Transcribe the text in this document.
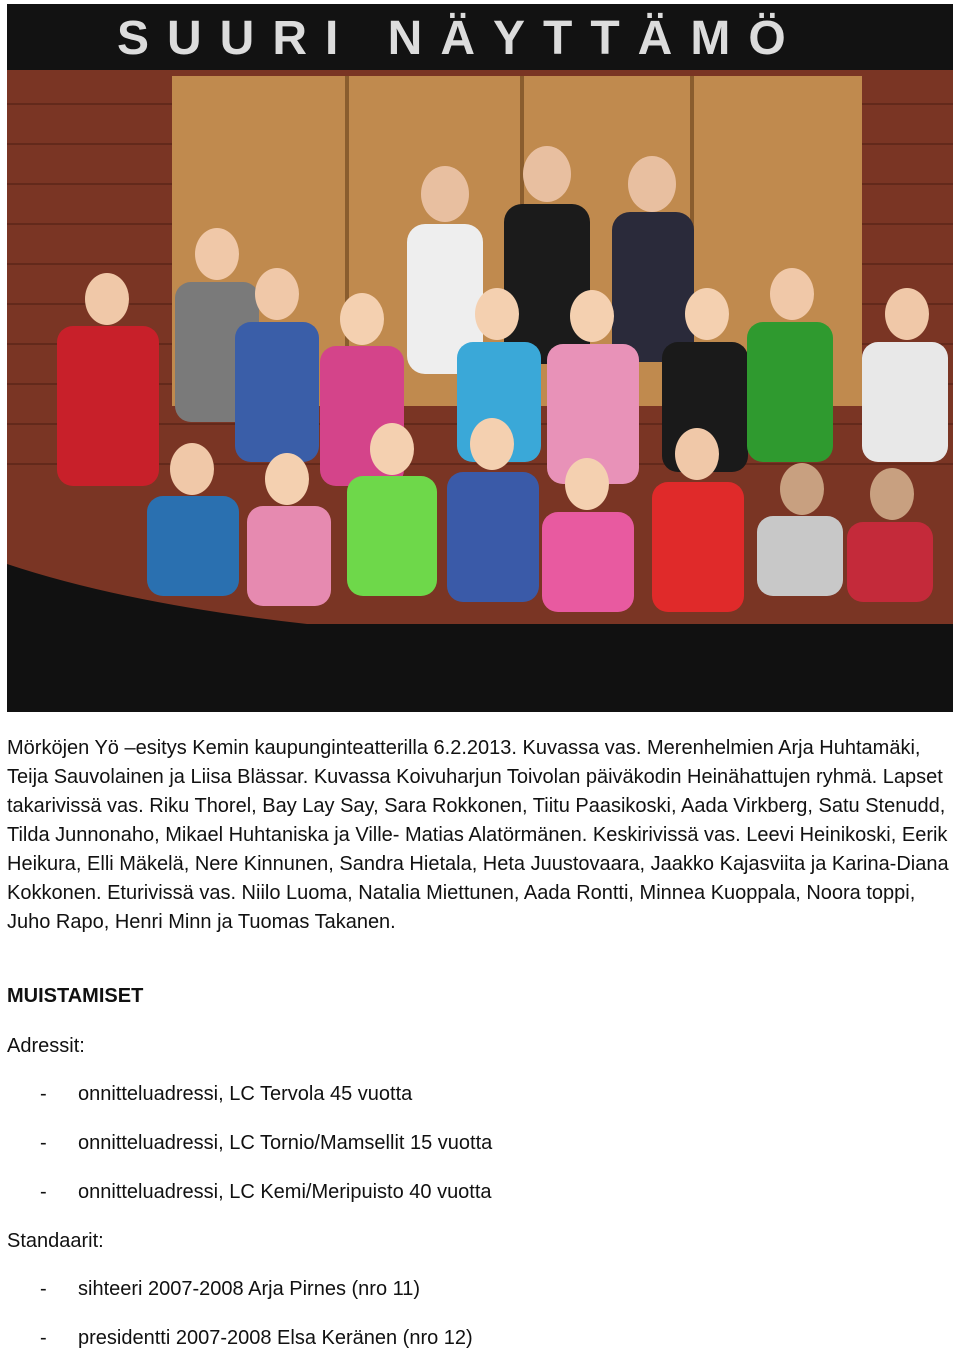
SUURI NÄYTTÄMÖ

Mörköjen Yö –esitys Kemin kaupunginteatterilla 6.2.2013. Kuvassa vas. Merenhelmien Arja Huhtamäki, Teija Sauvolainen ja Liisa Blässar. Kuvassa Koivuharjun Toivolan päiväkodin Heinähattujen ryhmä. Lapset takarivissä vas. Riku Thorel, Bay Lay Say, Sara Rokkonen, Tiitu Paasikoski, Aada Virkberg, Satu Stenudd, Tilda Junnonaho, Mikael Huhtaniska ja Ville- Matias Alatörmänen. Keskirivissä vas. Leevi Heinikoski, Eerik Heikura, Elli Mäkelä, Nere Kinnunen, Sandra Hietala, Heta Juustovaara, Jaakko Kajasviita ja Karina-Diana Kokkonen. Eturivissä vas. Niilo Luoma, Natalia Miettunen, Aada Rontti, Minnea Kuoppala, Noora toppi, Juho Rapo, Henri Minn ja Tuomas Takanen.

MUISTAMISET

Adressit:

- onnitteluadressi, LC Tervola 45 vuotta

- onnitteluadressi, LC Tornio/Mamsellit 15 vuotta

- onnitteluadressi, LC Kemi/Meripuisto 40 vuotta

Standaarit:

- sihteeri 2007-2008 Arja Pirnes (nro 11)

- presidentti 2007-2008 Elsa Keränen (nro 12)
